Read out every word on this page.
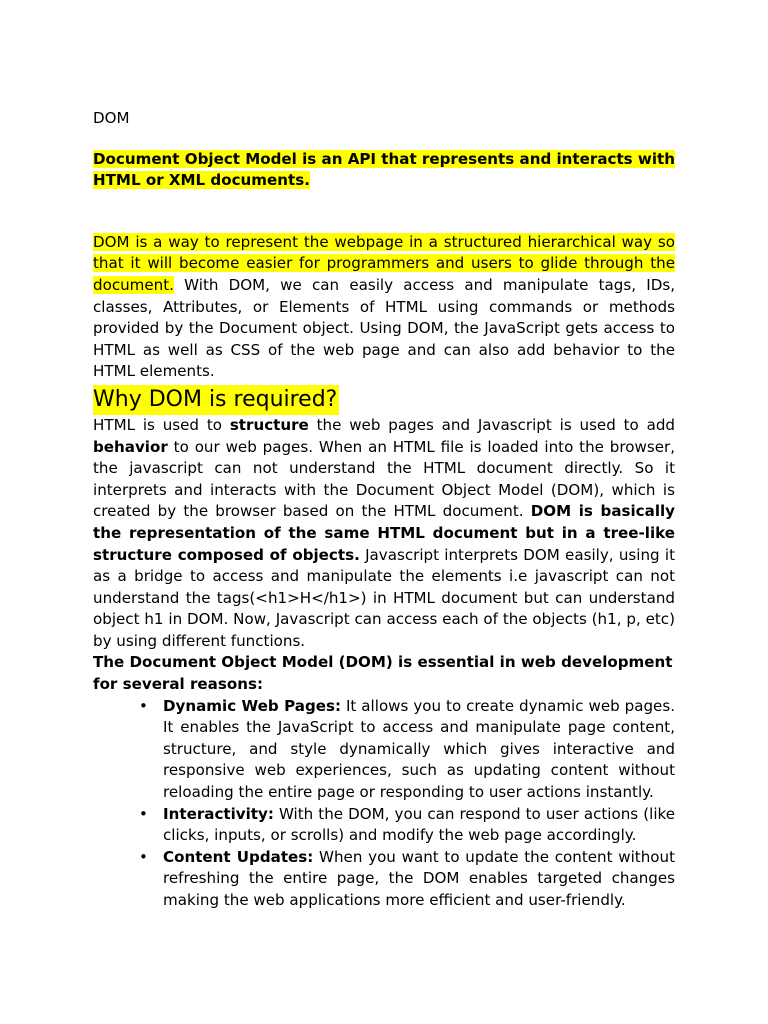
DOM

Document Object Model is an API that represents and interacts with HTML or XML documents.

DOM is a way to represent the webpage in a structured hierarchical way so that it will become easier for programmers and users to glide through the document. With DOM, we can easily access and manipulate tags, IDs, classes, Attributes, or Elements of HTML using commands or methods provided by the Document object. Using DOM, the JavaScript gets access to HTML as well as CSS of the web page and can also add behavior to the HTML elements.

Why DOM is required?

HTML is used to structure the web pages and Javascript is used to add behavior to our web pages. When an HTML file is loaded into the browser, the javascript can not understand the HTML document directly. So it interprets and interacts with the Document Object Model (DOM), which is created by the browser based on the HTML document. DOM is basically the representation of the same HTML document but in a tree-like structure composed of objects. Javascript interprets DOM easily, using it as a bridge to access and manipulate the elements i.e javascript can not understand the tags(<h1>H</h1>) in HTML document but can understand object h1 in DOM. Now, Javascript can access each of the objects (h1, p, etc) by using different functions.

The Document Object Model (DOM) is essential in web development for several reasons:

• Dynamic Web Pages: It allows you to create dynamic web pages. It enables the JavaScript to access and manipulate page content, structure, and style dynamically which gives interactive and responsive web experiences, such as updating content without reloading the entire page or responding to user actions instantly.
• Interactivity: With the DOM, you can respond to user actions (like clicks, inputs, or scrolls) and modify the web page accordingly.
• Content Updates: When you want to update the content without refreshing the entire page, the DOM enables targeted changes making the web applications more efficient and user-friendly.
